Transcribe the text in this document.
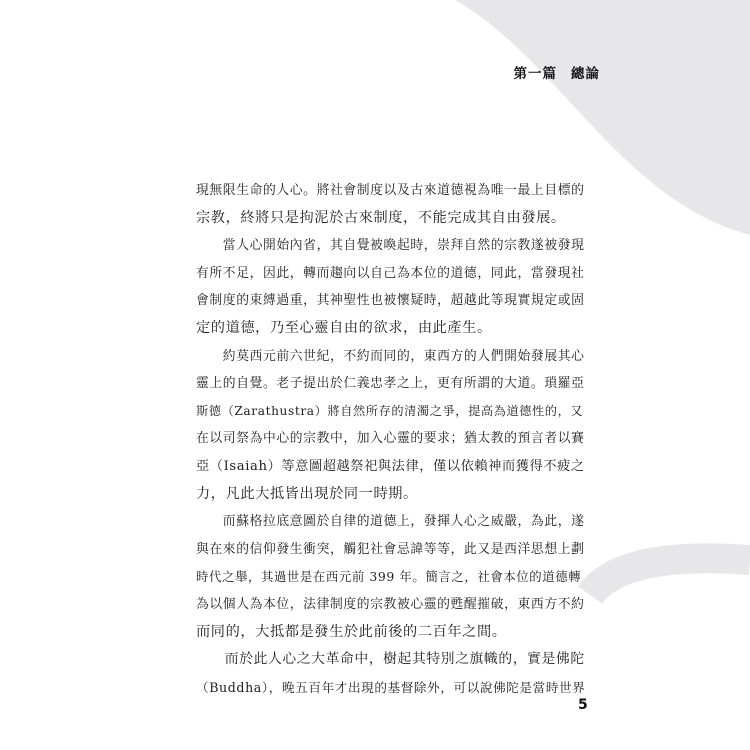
第一篇 總論
現無限生命的人心。將社會制度以及古來道德視為唯一最上目標的
宗教，終將只是拘泥於古來制度，不能完成其自由發展。
　　當人心開始內省，其自覺被喚起時，崇拜自然的宗教遂被發現
有所不足，因此，轉而趨向以自己為本位的道德，同此，當發現社
會制度的束縛過重，其神聖性也被懷疑時，超越此等現實規定或固
定的道德，乃至心靈自由的欲求，由此產生。
　　約莫西元前六世紀，不約而同的，東西方的人們開始發展其心
靈上的自覺。老子提出於仁義忠孝之上，更有所謂的大道。瑣羅亞
斯德（Zarathustra）將自然所存的清濁之爭，提高為道德性的，又
在以司祭為中心的宗教中，加入心靈的要求；猶太教的預言者以賽
亞（Isaiah）等意圖超越祭祀與法律，僅以依賴神而獲得不疲之
力，凡此大抵皆出現於同一時期。
　　而蘇格拉底意圖於自律的道德上，發揮人心之威嚴，為此，遂
與在來的信仰發生衝突，觸犯社會忌諱等等，此又是西洋思想上劃
時代之舉，其過世是在西元前 399 年。簡言之，社會本位的道德轉
為以個人為本位，法律制度的宗教被心靈的甦醒摧破，東西方不約
而同的，大抵都是發生於此前後的二百年之間。
　　而於此人心之大革命中，樹起其特別之旗幟的，實是佛陀
（Buddha），晚五百年才出現的基督除外，可以說佛陀是當時世界
5
